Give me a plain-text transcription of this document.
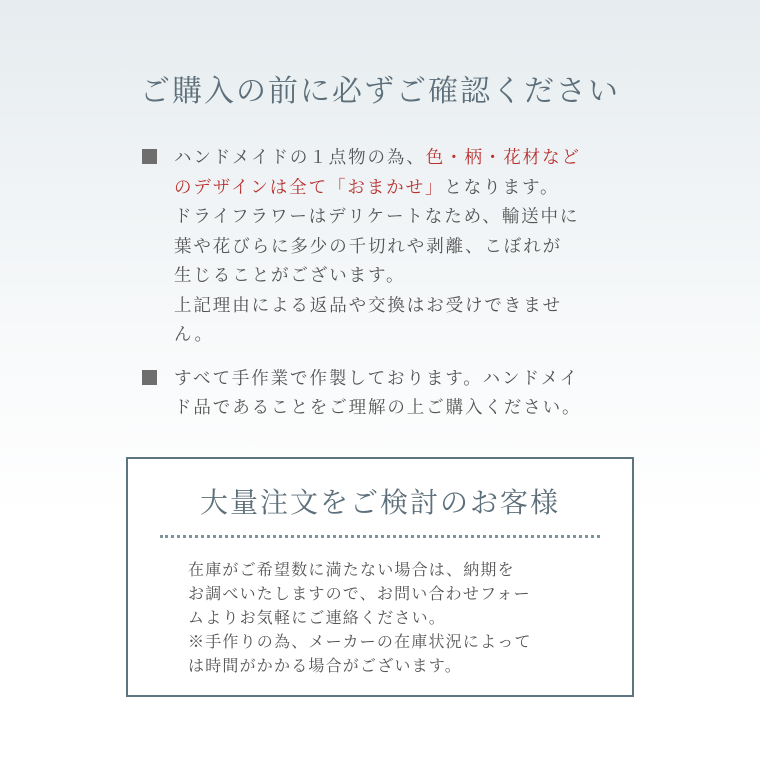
ご購入の前に必ずご確認ください
ハンドメイドの１点物の為、色・柄・花材など
のデザインは全て「おまかせ」となります。
ドライフラワーはデリケートなため、輸送中に
葉や花びらに多少の千切れや剥離、こぼれが
生じることがございます。
上記理由による返品や交換はお受けできませ
ん。
すべて手作業で作製しております。ハンドメイ
ド品であることをご理解の上ご購入ください。
大量注文をご検討のお客様
在庫がご希望数に満たない場合は、納期を
お調べいたしますので、お問い合わせフォー
ムよりお気軽にご連絡ください。
※手作りの為、メーカーの在庫状況によって
は時間がかかる場合がございます。
